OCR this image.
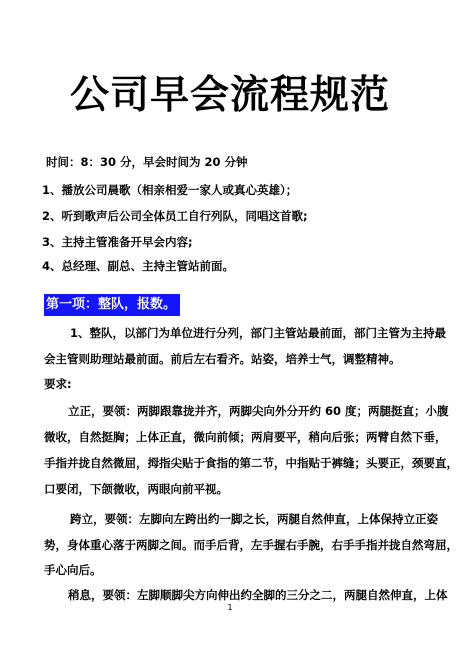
公司早会流程规范
时间：8：30 分，早会时间为 20 分钟
1、播放公司晨歌（相亲相爱一家人或真心英雄）；
2、听到歌声后公司全体员工自行列队，同唱这首歌;
3、主持主管准备开早会内容;
4、总经理、副总、主持主管站前面。
第一项：整队，报数。
1、整队，以部门为单位进行分列，部门主管站最前面，部门主管为主持最
会主管则助理站最前面。前后左右看齐。站姿，培养士气，调整精神。
要求:
立正，要领：两脚跟靠拢并齐，两脚尖向外分开约 60 度；两腿挺直；小腹
微收，自然挺胸；上体正直，微向前倾；两肩要平，稍向后张；两臂自然下垂，
手指并拢自然微屈，拇指尖贴于食指的第二节，中指贴于裤缝；头要正，颈要直，
口要闭，下颌微收，两眼向前平视。
跨立，要领：左脚向左跨出约一脚之长，两腿自然伸直，上体保持立正姿
势，身体重心落于两脚之间。而手后背，左手握右手腕，右手手指并拢自然弯屈，
手心向后。
稍息，要领：左脚顺脚尖方向伸出约全脚的三分之二，两腿自然伸直，上体
1
